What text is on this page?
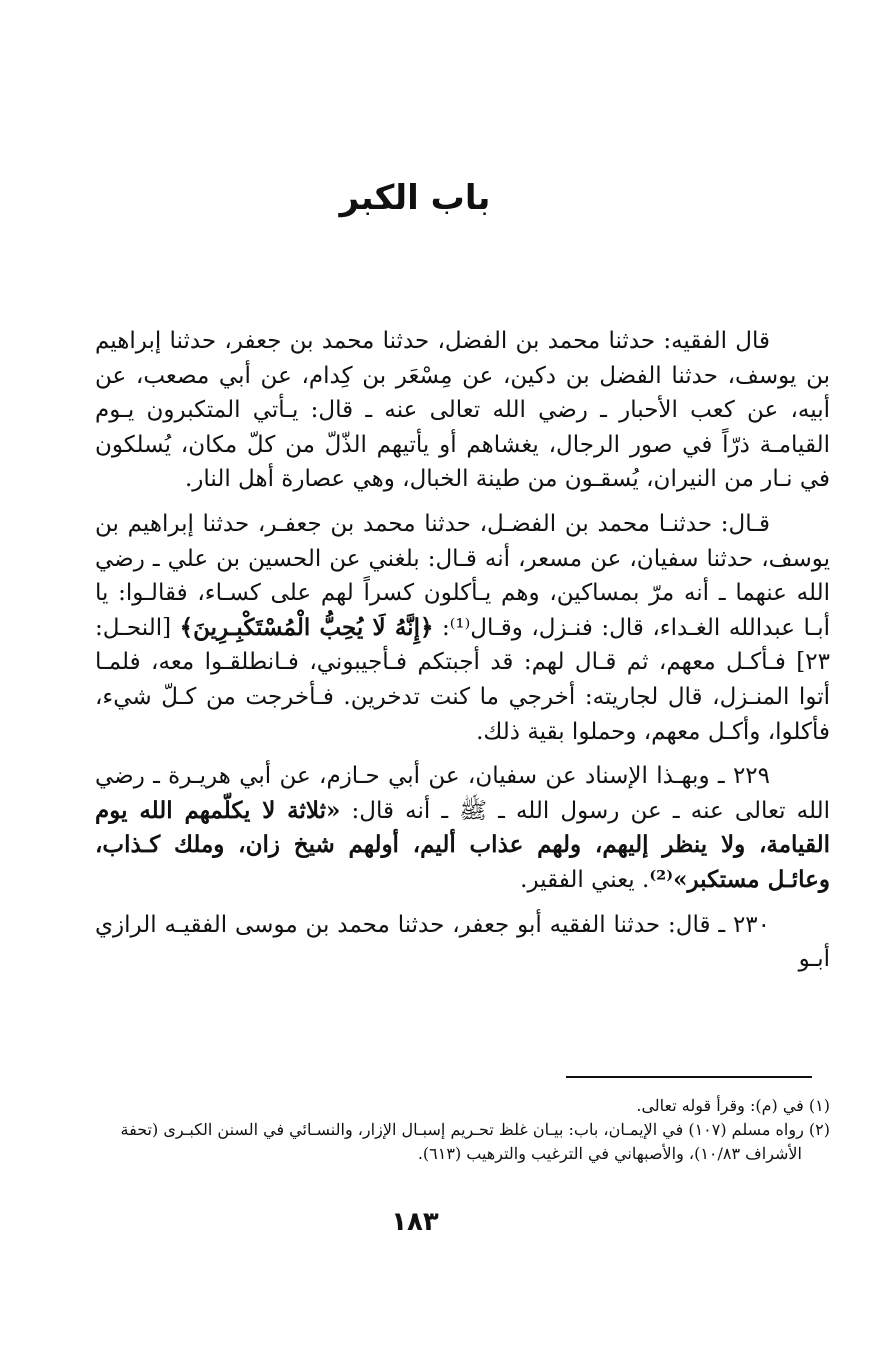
باب الكبر

قال الفقيه: حدثنا محمد بن الفضل، حدثنا محمد بن جعفر، حدثنا إبراهيم بن يوسف، حدثنا الفضل بن دكين، عن مِسْعَر بن كِدام، عن أبي مصعب، عن أبيه، عن كعب الأحبار ـ رضي الله تعالى عنه ـ قال: يـأتي المتكبرون يـوم القيامـة ذرّاً في صور الرجال، يغشاهم أو يأتيهم الذّلّ من كلّ مكان، يُسلكون في نـار من النيران، يُسقـون من طينة الخبال، وهي عصارة أهل النار.

قـال: حدثنـا محمد بن الفضـل، حدثنا محمد بن جعفـر، حدثنا إبراهيم بن يوسف، حدثنا سفيان، عن مسعر، أنه قـال: بلغني عن الحسين بن علي ـ رضي الله عنهما ـ أنه مرّ بمساكين، وهم يـأكلون كسراً لهم على كسـاء، فقالـوا: يا أبـا عبدالله الغـداء، قال: فنـزل، وقـال⁽¹⁾: ﴿إِنَّهُ لَا يُحِبُّ الْمُسْتَكْبِـرِينَ﴾ [النحـل: ٢٣] فـأكـل معهم، ثم قـال لهم: قد أجبتكم فـأجيبوني، فـانطلقـوا معه، فلمـا أتوا المنـزل، قال لجاريته: أخرجي ما كنت تدخرين. فـأخرجت من كـلّ شيء، فأكلوا، وأكـل معهم، وحملوا بقية ذلك.

٢٢٩ ـ وبهـذا الإسناد عن سفيان، عن أبي حـازم، عن أبي هريـرة ـ رضي الله تعالى عنه ـ عن رسول الله ـ ﷺ ـ أنه قال: «ثلاثة لا يكلّمهم الله يوم القيامة، ولا ينظر إليهم، ولهم عذاب أليم، أولهم شيخ زان، وملك كـذاب، وعائـل مستكبر»⁽²⁾. يعني الفقير.

٢٣٠ ـ قال: حدثنا الفقيه أبو جعفر، حدثنا محمد بن موسى الفقيـه الرازي أبـو

(١) في (م): وقرأ قوله تعالى.

(٢) رواه مسلم (١٠٧) في الإيمـان، باب: بيـان غلظ تحـريم إسبـال الإزار، والنسـائي في السنن الكبـرى (تحفة الأشراف ١٠/٨٣)، والأصبهاني في الترغيب والترهيب (٦١٣).

١٨٣
